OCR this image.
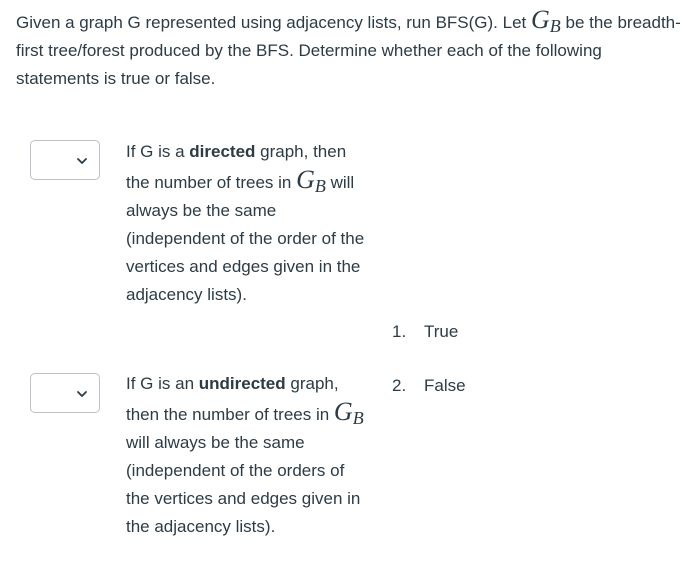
Given a graph G represented using adjacency lists, run BFS(G). Let $G_B$ be the breadth-first tree/forest produced by the BFS. Determine whether each of the following statements is true or false.

If G is a directed graph, then the number of trees in $G_B$ will always be the same (independent of the order of the vertices and edges given in the adjacency lists).

If G is an undirected graph, then the number of trees in $G_B$ will always be the same (independent of the orders of the vertices and edges given in the adjacency lists).

1. True
2. False
